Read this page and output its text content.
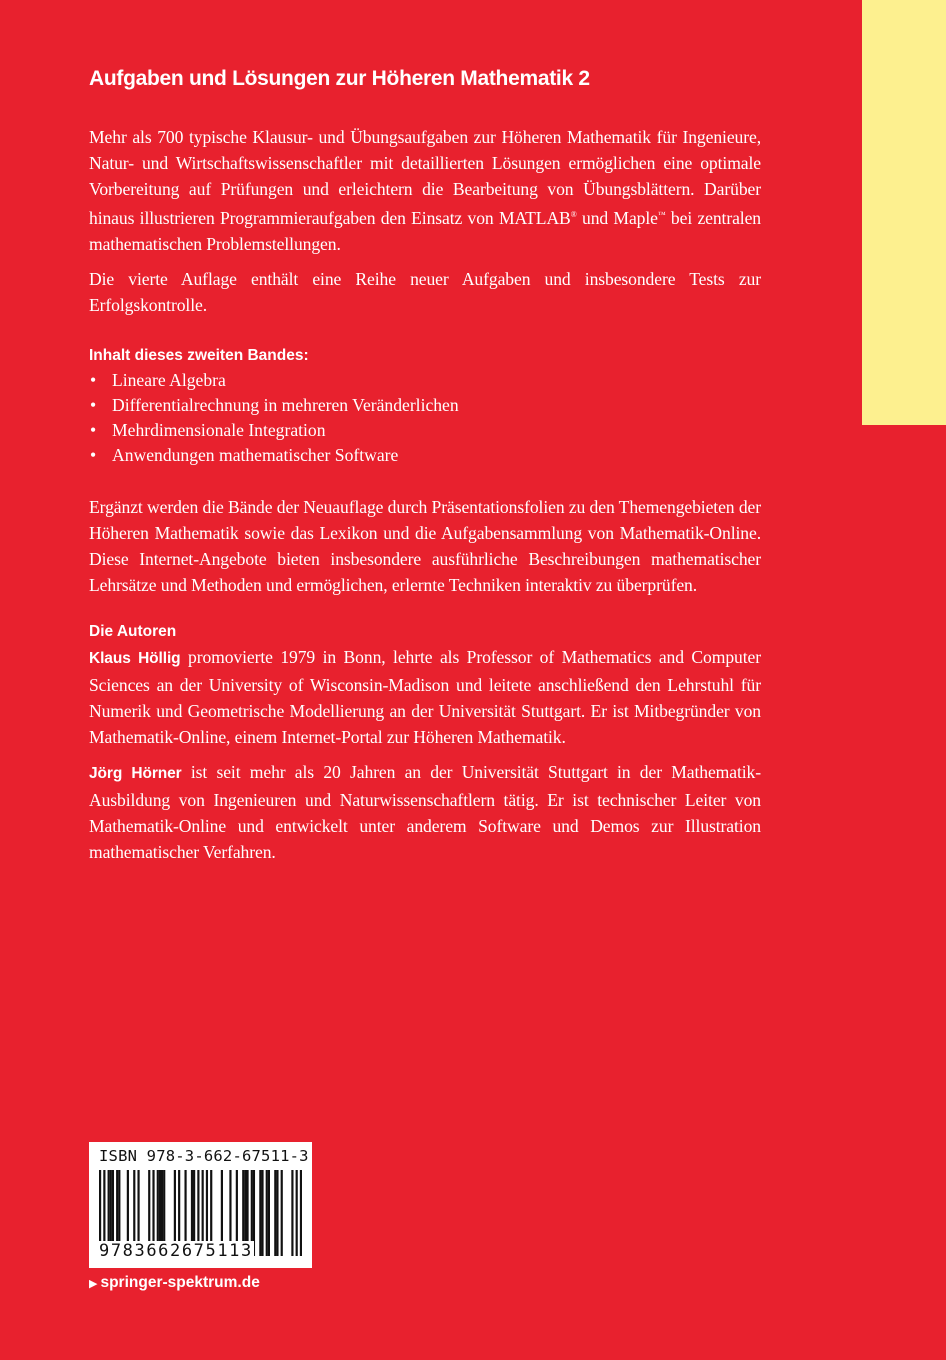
Aufgaben und Lösungen zur Höheren Mathematik 2

Mehr als 700 typische Klausur- und Übungsaufgaben zur Höheren Mathematik für Ingenieure, Natur- und Wirtschaftswissenschaftler mit detaillierten Lösungen ermöglichen eine optimale Vorbereitung auf Prüfungen und erleichtern die Bearbeitung von Übungsblättern. Darüber hinaus illustrieren Programmieraufgaben den Einsatz von MATLAB® und Maple™ bei zentralen mathematischen Problemstellungen.

Die vierte Auflage enthält eine Reihe neuer Aufgaben und insbesondere Tests zur Erfolgskontrolle.

Inhalt dieses zweiten Bandes:
• Lineare Algebra
• Differentialrechnung in mehreren Veränderlichen
• Mehrdimensionale Integration
• Anwendungen mathematischer Software

Ergänzt werden die Bände der Neuauflage durch Präsentationsfolien zu den Themengebieten der Höheren Mathematik sowie das Lexikon und die Aufgabensammlung von Mathematik-Online. Diese Internet-Angebote bieten insbesondere ausführliche Beschreibungen mathematischer Lehrsätze und Methoden und ermöglichen, erlernte Techniken interaktiv zu überprüfen.

Die Autoren

Klaus Höllig promovierte 1979 in Bonn, lehrte als Professor of Mathematics and Computer Sciences an der University of Wisconsin-Madison und leitete anschließend den Lehrstuhl für Numerik und Geometrische Modellierung an der Universität Stuttgart. Er ist Mitbegründer von Mathematik-Online, einem Internet-Portal zur Höheren Mathematik.

Jörg Hörner ist seit mehr als 20 Jahren an der Universität Stuttgart in der Mathematik-Ausbildung von Ingenieuren und Naturwissenschaftlern tätig. Er ist technischer Leiter von Mathematik-Online und entwickelt unter anderem Software und Demos zur Illustration mathematischer Verfahren.

ISBN 978-3-662-67511-3
9783662675113
▶ springer-spektrum.de
